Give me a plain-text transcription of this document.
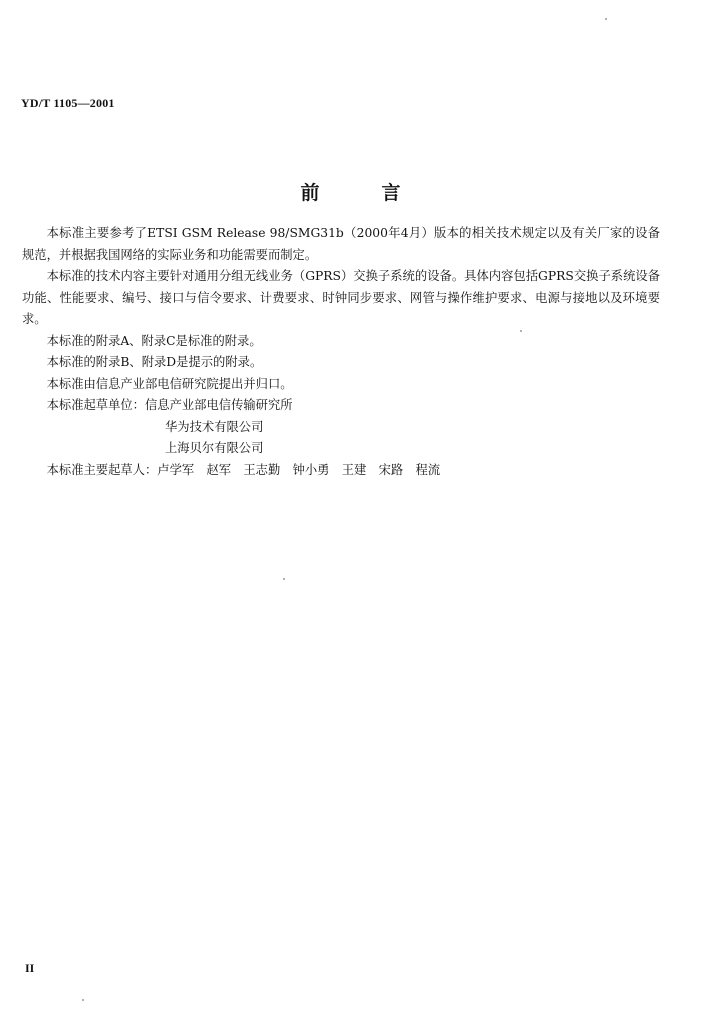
YD/T 1105—2001
前言

本标准主要参考了ETSI GSM Release 98/SMG31b（2000年4月）版本的相关技术规定以及有关厂家的设备规范，并根据我国网络的实际业务和功能需要而制定。

本标准的技术内容主要针对通用分组无线业务（GPRS）交换子系统的设备。具体内容包括GPRS交换子系统设备功能、性能要求、编号、接口与信令要求、计费要求、时钟同步要求、网管与操作维护要求、电源与接地以及环境要求。

本标准的附录A、附录C是标准的附录。

本标准的附录B、附录D是提示的附录。

本标准由信息产业部电信研究院提出并归口。

本标准起草单位：信息产业部电信传输研究所

华为技术有限公司

上海贝尔有限公司

本标准主要起草人：卢学军　赵军　王志勤　钟小勇　王建　宋路　程流

II
